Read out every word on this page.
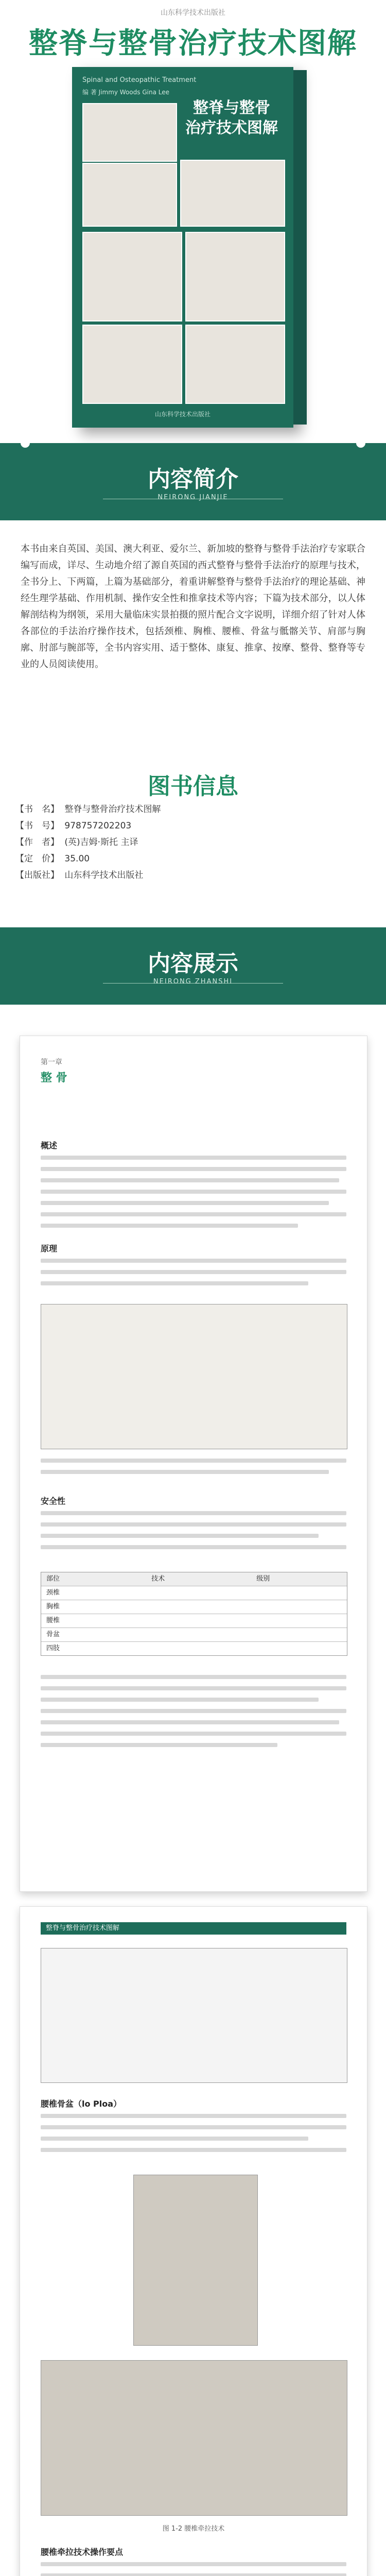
山东科学技术出版社
整脊与整骨治疗技术图解
Spinal and Osteopathic Treatment
编 著 Jimmy Woods Gina Lee
整脊与整骨
治疗技术图解
山东科学技术出版社
内容简介
NEIRONG JIANJIE
本书由来自英国、美国、澳大利亚、爱尔兰、新加坡的整脊与整骨手法治疗专家联合编写而成，详尽、生动地介绍了源自英国的西式整脊与整骨手法治疗的原理与技术，全书分上、下两篇，上篇为基础部分，着重讲解整脊与整骨手法治疗的理论基础、神经生理学基础、作用机制、操作安全性和推拿技术等内容；下篇为技术部分，以人体解剖结构为纲领，采用大量临床实景拍摄的照片配合文字说明，详细介绍了针对人体各部位的手法治疗操作技术，包括颈椎、胸椎、腰椎、骨盆与骶髂关节、肩部与胸廓、肘部与腕部等，全书内容实用、适于整体、康复、推拿、按摩、整骨、整脊等专业的人员阅读使用。
图书信息
【书　名】 整脊与整骨治疗技术图解
【书　号】 978757202203
【作　者】 (英)吉姆·斯托 主译
【定　价】 35.00
【出版社】 山东科学技术出版社
内容展示
NEIRONG ZHANSHI
第一章
整 骨
概述
原理
安全性
部位	技术	级别
颈椎
胸椎
腰椎
骨盆
四肢
整脊与整骨治疗技术图解
腰椎骨盆（lo Ploa）
图 1-2 腰椎牵拉技术
腰椎牵拉技术操作要点
